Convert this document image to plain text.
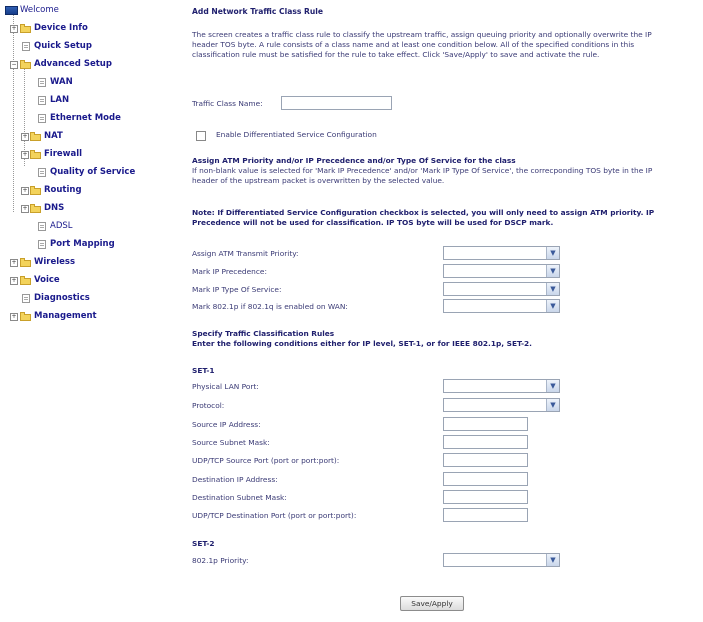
Welcome
+ Device Info
Quick Setup
− Advanced Setup
WAN
LAN
Ethernet Mode
+ NAT
+ Firewall
Quality of Service
+ Routing
+ DNS
ADSL
Port Mapping
+ Wireless
+ Voice
Diagnostics
+ Management
Add Network Traffic Class Rule
The screen creates a traffic class rule to classify the upstream traffic, assign queuing priority and optionally overwrite the IP header TOS byte. A rule consists of a class name and at least one condition below. All of the specified conditions in this classification rule must be satisfied for the rule to take effect. Click 'Save/Apply' to save and activate the rule.
Traffic Class Name:
Enable Differentiated Service Configuration
Assign ATM Priority and/or IP Precedence and/or Type Of Service for the class
If non-blank value is selected for 'Mark IP Precedence' and/or 'Mark IP Type Of Service', the correcponding TOS byte in the IP header of the upstream packet is overwritten by the selected value.
Note: If Differentiated Service Configuration checkbox is selected, you will only need to assign ATM priority. IP Precedence will not be used for classification. IP TOS byte will be used for DSCP mark.
Assign ATM Transmit Priority:	▼
Mark IP Precedence:	▼
Mark IP Type Of Service:	▼
Mark 802.1p if 802.1q is enabled on WAN:	▼
Specify Traffic Classification Rules
Enter the following conditions either for IP level, SET-1, or for IEEE 802.1p, SET-2.
SET-1
Physical LAN Port:	▼
Protocol:	▼
Source IP Address:
Source Subnet Mask:
UDP/TCP Source Port (port or port:port):
Destination IP Address:
Destination Subnet Mask:
UDP/TCP Destination Port (port or port:port):
SET-2
802.1p Priority:	▼
Save/Apply
